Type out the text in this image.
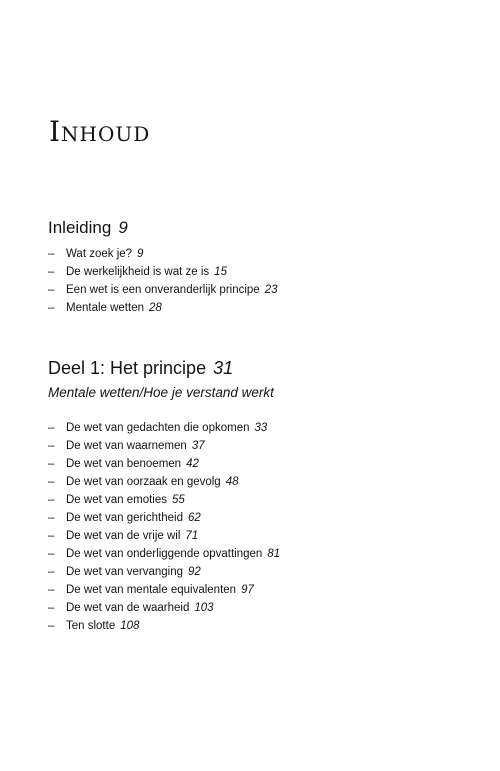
Inhoud
Inleiding 9
– Wat zoek je? 9
– De werkelijkheid is wat ze is 15
– Een wet is een onveranderlijk principe 23
– Mentale wetten 28
Deel 1: Het principe 31
Mentale wetten/Hoe je verstand werkt
– De wet van gedachten die opkomen 33
– De wet van waarnemen 37
– De wet van benoemen 42
– De wet van oorzaak en gevolg 48
– De wet van emoties 55
– De wet van gerichtheid 62
– De wet van de vrije wil 71
– De wet van onderliggende opvattingen 81
– De wet van vervanging 92
– De wet van mentale equivalenten 97
– De wet van de waarheid 103
– Ten slotte 108
